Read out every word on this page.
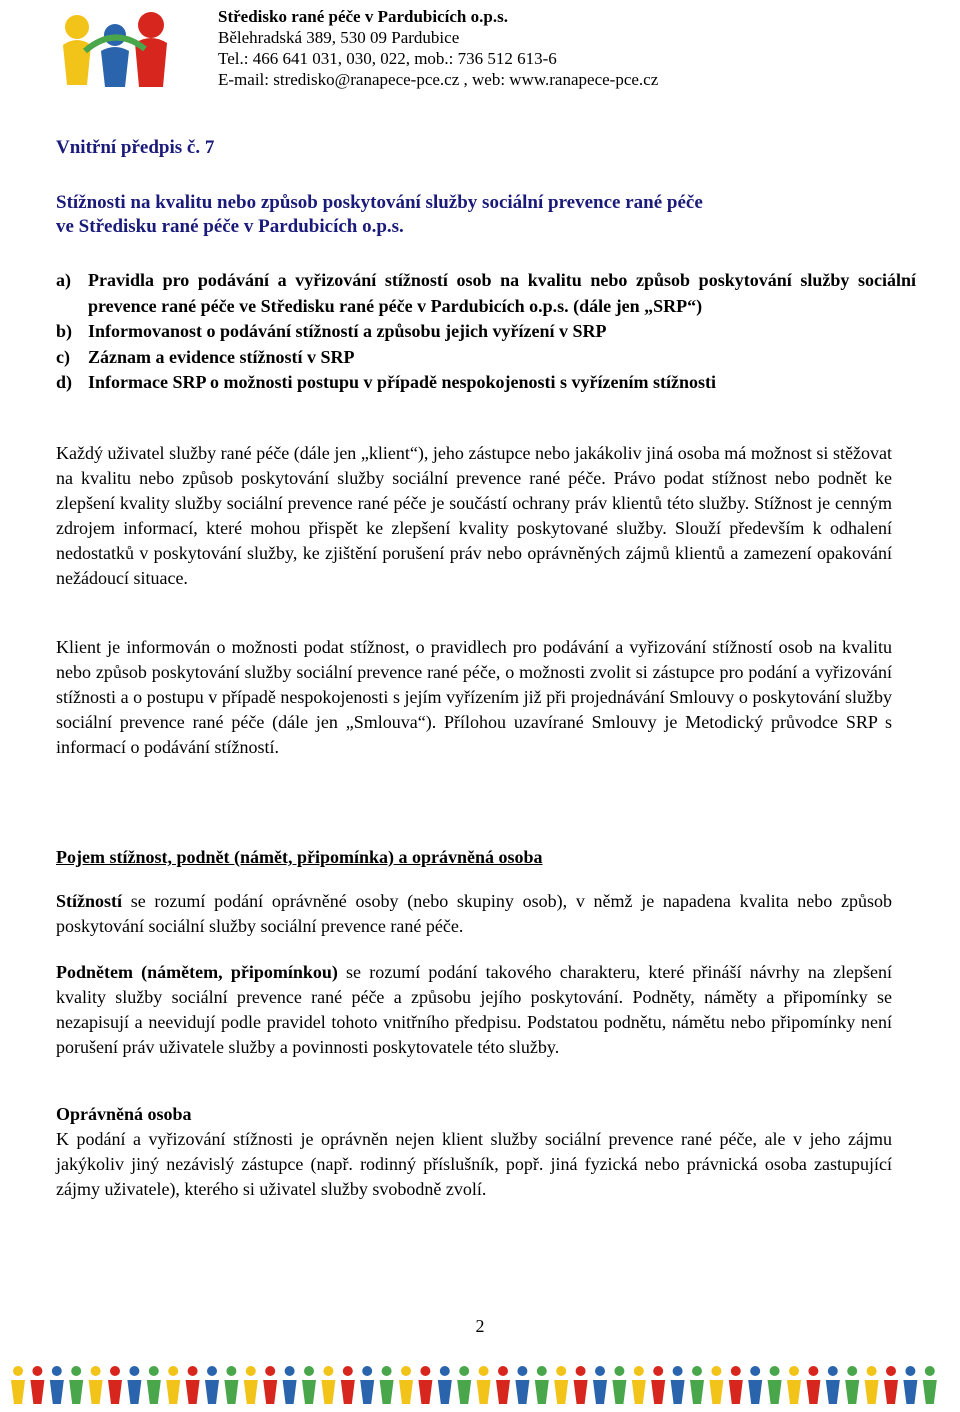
Středisko rané péče v Pardubicích o.p.s.
Bělehradská 389, 530 09 Pardubice
Tel.: 466 641 031, 030, 022, mob.: 736 512 613-6
E-mail: stredisko@ranapece-pce.cz , web: www.ranapece-pce.cz
Vnitřní předpis č. 7
Stížnosti na kvalitu nebo způsob poskytování služby sociální prevence rané péče
ve Středisku rané péče v Pardubicích o.p.s.
a) Pravidla pro podávání a vyřizování stížností osob na kvalitu nebo způsob poskytování služby sociální prevence rané péče ve Středisku rané péče v Pardubicích o.p.s. (dále jen „SRP“)
b) Informovanost o podávání stížností a způsobu jejich vyřízení v SRP
c)	Záznam a evidence stížností v SRP
d) Informace SRP o možnosti postupu v případě nespokojenosti s vyřízením stížnosti
Každý uživatel služby rané péče (dále jen „klient“), jeho zástupce nebo jakákoliv jiná osoba má možnost si stěžovat na kvalitu nebo způsob poskytování služby sociální prevence rané péče. Právo podat stížnost nebo podnět ke zlepšení kvality služby sociální prevence rané péče je součástí ochrany práv klientů této služby. Stížnost je cenným zdrojem informací, které mohou přispět ke zlepšení kvality poskytované služby. Slouží především k odhalení nedostatků v poskytování služby, ke zjištění porušení práv nebo oprávněných zájmů klientů a zamezení opakování nežádoucí situace.
Klient je informován o možnosti podat stížnost, o pravidlech pro podávání a vyřizování stížností osob na kvalitu nebo způsob poskytování služby sociální prevence rané péče, o možnosti zvolit si zástupce pro podání a vyřizování stížnosti a o postupu v případě nespokojenosti s jejím vyřízením již při projednávání Smlouvy o poskytování služby sociální prevence rané péče (dále jen „Smlouva“). Přílohou uzavírané Smlouvy je Metodický průvodce SRP s informací o podávání stížností.
Pojem stížnost, podnět (námět, připomínka) a oprávněná osoba
Stížností se rozumí podání oprávněné osoby (nebo skupiny osob), v němž je napadena kvalita nebo způsob poskytování sociální služby sociální prevence rané péče.
Podnětem (námětem, připomínkou) se rozumí podání takového charakteru, které přináší návrhy na zlepšení kvality služby sociální prevence rané péče a způsobu jejího poskytování. Podněty, náměty a připomínky se nezapisují a neevidují podle pravidel tohoto vnitřního předpisu. Podstatou podnětu, námětu nebo připomínky není porušení práv uživatele služby a povinnosti poskytovatele této služby.
Oprávněná osoba
K podání a vyřizování stížnosti je oprávněn nejen klient služby sociální prevence rané péče, ale v jeho zájmu jakýkoliv jiný nezávislý zástupce (např. rodinný příslušník, popř. jiná fyzická nebo právnická osoba zastupující zájmy uživatele), kterého si uživatel služby svobodně zvolí.
2
